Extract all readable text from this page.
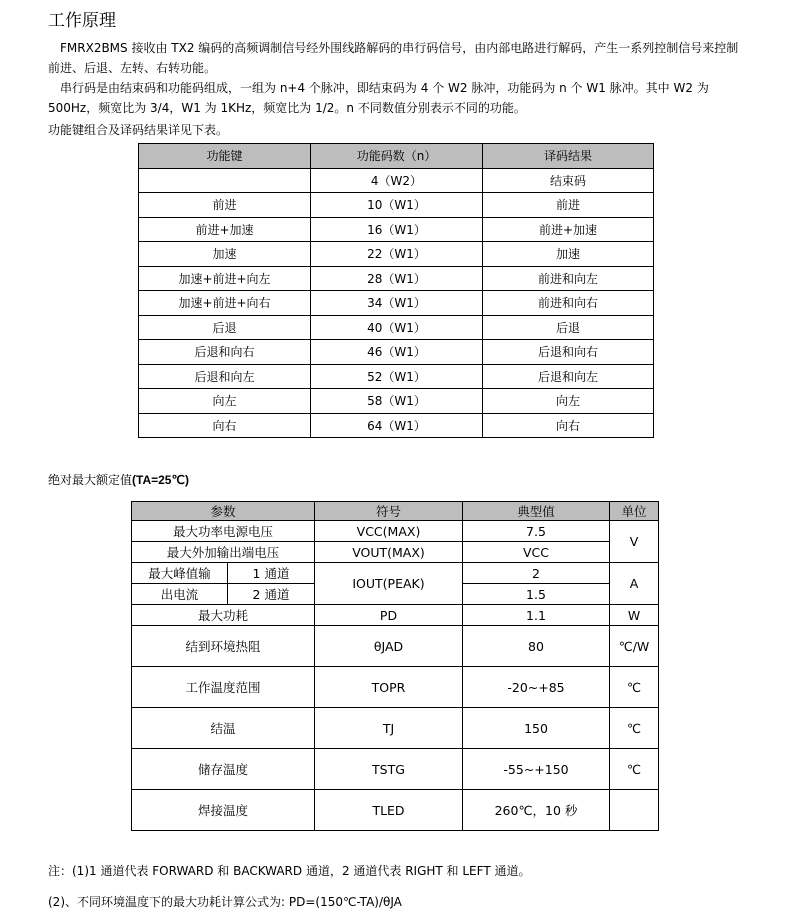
工作原理
　FMRX2BMS 接收由 TX2 编码的高频调制信号经外围线路解码的串行码信号，由内部电路进行解码，产生一系列控制信号来控制前进、后退、左转、右转功能。
　串行码是由结束码和功能码组成，一组为 n+4 个脉冲，即结束码为 4 个 W2 脉冲，功能码为 n 个 W1 脉冲。其中 W2 为 500Hz，频宽比为 3/4，W1 为 1KHz，频宽比为 1/2。n 不同数值分别表示不同的功能。
功能键组合及译码结果详见下表。
功能键	功能码数（n）	译码结果
	4（W2）	结束码
前进	10（W1）	前进
前进+加速	16（W1）	前进+加速
加速	22（W1）	加速
加速+前进+向左	28（W1）	前进和向左
加速+前进+向右	34（W1）	前进和向右
后退	40（W1）	后退
后退和向右	46（W1）	后退和向右
后退和向左	52（W1）	后退和向左
向左	58（W1）	向左
向右	64（W1）	向右
绝对最大额定值(TA=25℃)
参数		符号	典型值	单位
最大功率电源电压		VCC(MAX)	7.5	V
最大外加输出端电压		VOUT(MAX)	VCC	
最大峰值输	1 通道	IOUT(PEAK)	2	A
出电流	2 通道		1.5	
最大功耗		PD	1.1	W
结到环境热阻		θJAD	80	℃/W
工作温度范围		TOPR	-20~+85	℃
结温		TJ	150	℃
储存温度		TSTG	-55~+150	℃
焊接温度		TLED	260℃，10 秒	
注：(1)1 通道代表 FORWARD 和 BACKWARD 通道，2 通道代表 RIGHT 和 LEFT 通道。
(2)、不同环境温度下的最大功耗计算公式为: PD=(150℃-TA)/θJA
